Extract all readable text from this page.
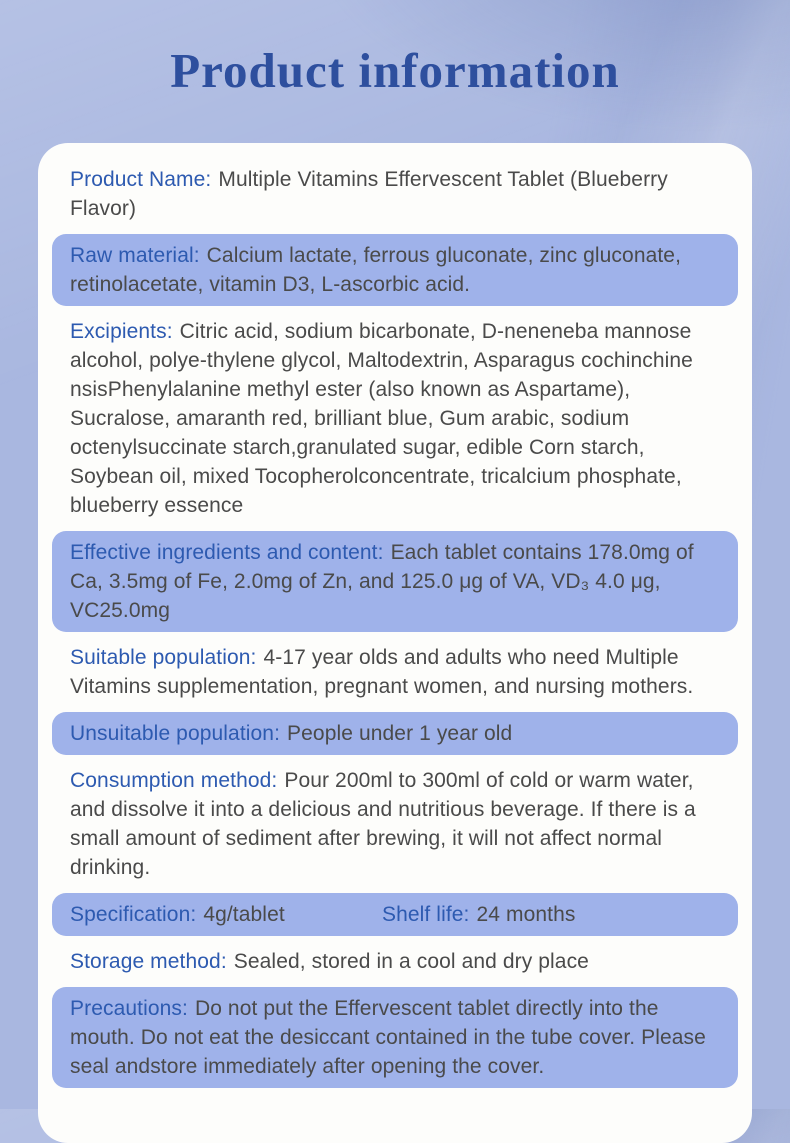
Product information

Product Name: Multiple Vitamins Effervescent Tablet (Blueberry Flavor)

Raw material: Calcium lactate, ferrous gluconate, zinc gluconate, retinolacetate, vitamin D3, L-ascorbic acid.

Excipients: Citric acid, sodium bicarbonate, D-neneneba mannose alcohol, polye-thylene glycol, Maltodextrin, Asparagus cochinchine nsisPhenylalanine methyl ester (also known as Aspartame), Sucralose, amaranth red, brilliant blue, Gum arabic, sodium octenylsuccinate starch,granulated sugar, edible Corn starch, Soybean oil, mixed Tocopherolconcentrate, tricalcium phosphate, blueberry essence

Effective ingredients and content: Each tablet contains 178.0mg of Ca, 3.5mg of Fe, 2.0mg of Zn, and 125.0 μg of VA, VD₃ 4.0 μg, VC25.0mg

Suitable population: 4-17 year olds and adults who need Multiple Vitamins supplementation, pregnant women, and nursing mothers.

Unsuitable population: People under 1 year old

Consumption method: Pour 200ml to 300ml of cold or warm water, and dissolve it into a delicious and nutritious beverage. If there is a small amount of sediment after brewing, it will not affect normal drinking.

Specification: 4g/tablet	Shelf life: 24 months

Storage method: Sealed, stored in a cool and dry place

Precautions: Do not put the Effervescent tablet directly into the mouth. Do not eat the desiccant contained in the tube cover. Please seal andstore immediately after opening the cover.
